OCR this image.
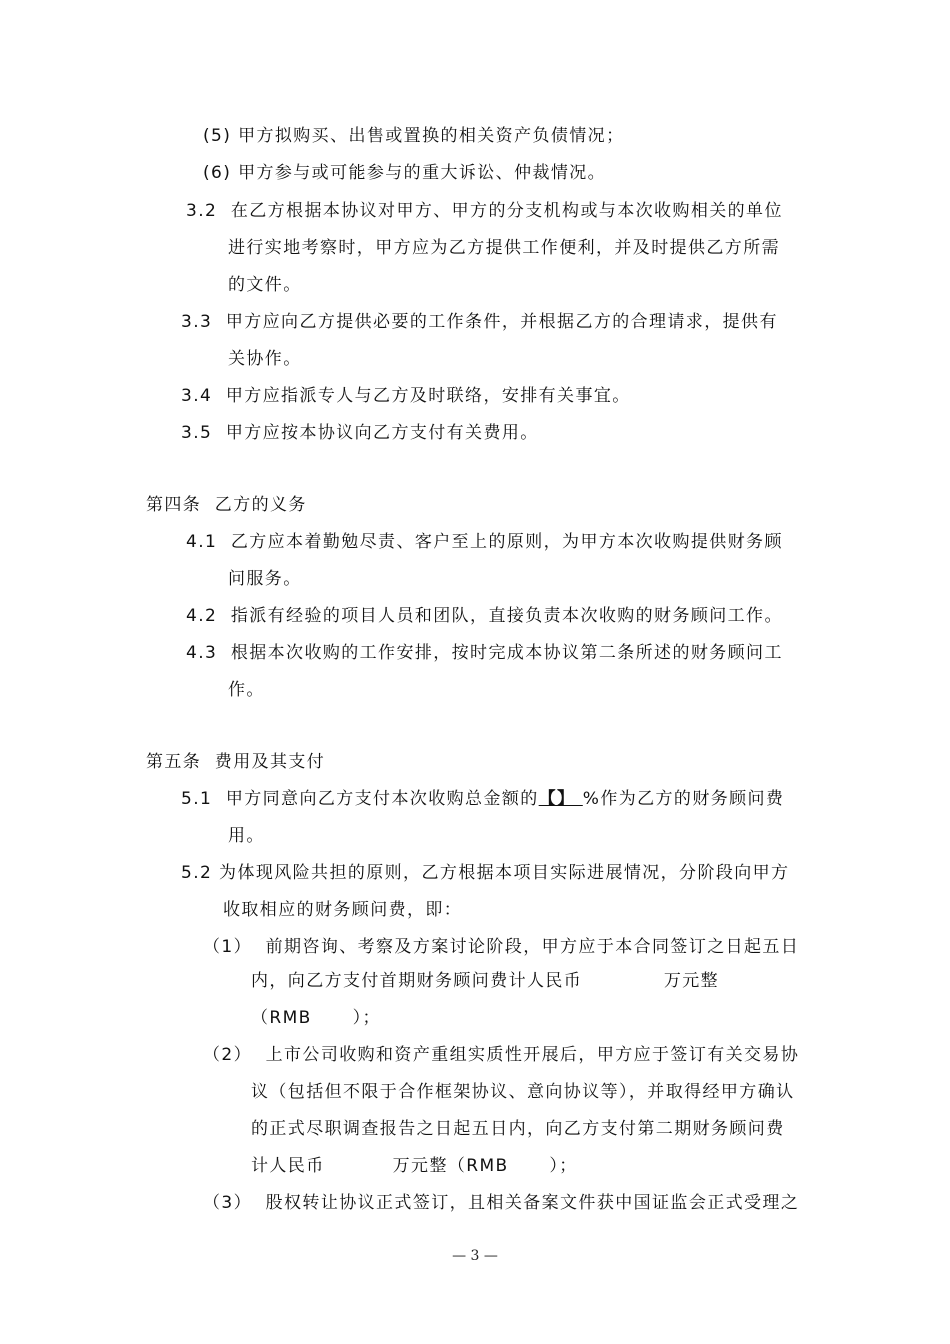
(5) 甲方拟购买、出售或置换的相关资产负债情况；
(6) 甲方参与或可能参与的重大诉讼、仲裁情况。
3.2  在乙方根据本协议对甲方、甲方的分支机构或与本次收购相关的单位
进行实地考察时，甲方应为乙方提供工作便利，并及时提供乙方所需
的文件。
3.3  甲方应向乙方提供必要的工作条件，并根据乙方的合理请求，提供有
关协作。
3.4  甲方应指派专人与乙方及时联络，安排有关事宜。
3.5  甲方应按本协议向乙方支付有关费用。
第四条  乙方的义务
4.1  乙方应本着勤勉尽责、客户至上的原则，为甲方本次收购提供财务顾
问服务。
4.2  指派有经验的项目人员和团队，直接负责本次收购的财务顾问工作。
4.3  根据本次收购的工作安排，按时完成本协议第二条所述的财务顾问工
作。
第五条  费用及其支付
5.1  甲方同意向乙方支付本次收购总金额的【】 %作为乙方的财务顾问费
用。
5.2 为体现风险共担的原则，乙方根据本项目实际进展情况，分阶段向甲方
收取相应的财务顾问费，即：
（1）  前期咨询、考察及方案讨论阶段，甲方应于本合同签订之日起五日
内，向乙方支付首期财务顾问费计人民币            万元整
（RMB      ）；
（2）  上市公司收购和资产重组实质性开展后，甲方应于签订有关交易协
议（包括但不限于合作框架协议、意向协议等），并取得经甲方确认
的正式尽职调查报告之日起五日内，向乙方支付第二期财务顾问费
计人民币          万元整（RMB      ）；
（3）  股权转让协议正式签订，且相关备案文件获中国证监会正式受理之
— 3 —
